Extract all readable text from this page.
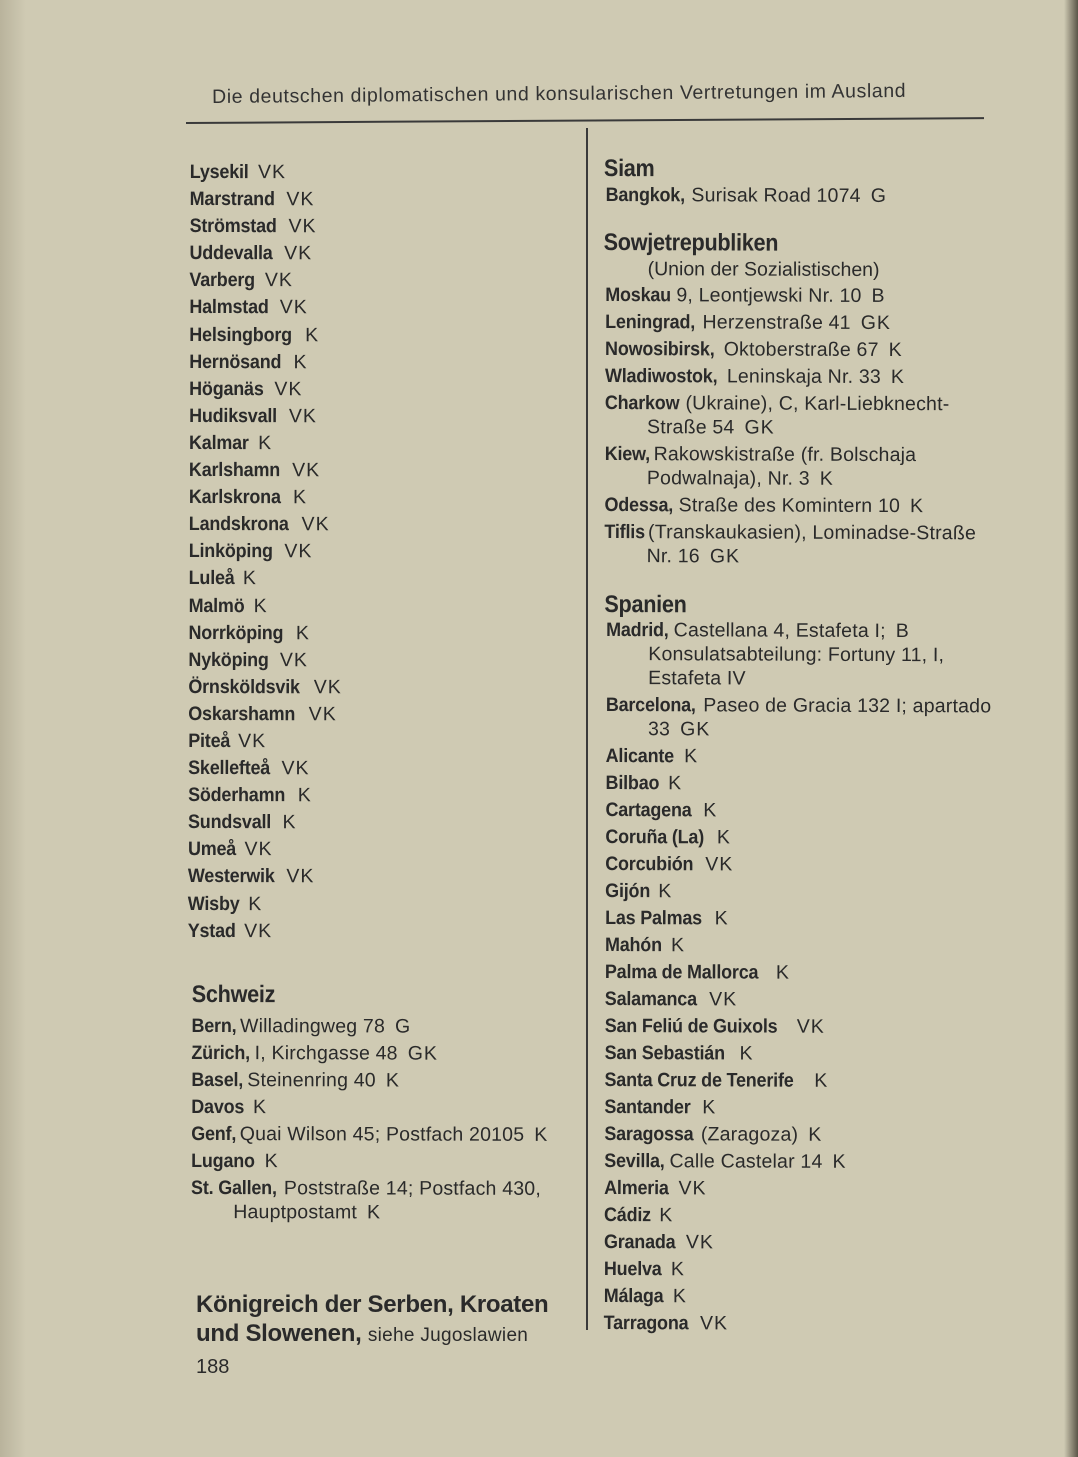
Die deutschen diplomatischen und konsularischen Vertretungen im Ausland

Lysekil VK

Marstrand VK

Strömstad VK

Uddevalla VK

Varberg VK

Halmstad VK

Helsingborg K

Hernösand K

Höganäs VK

Hudiksvall VK

Kalmar K

Karlshamn VK

Karlskrona K

Landskrona VK

Linköping VK

Luleå K

Malmö K

Norrköping K

Nyköping VK

Örnsköldsvik VK

Oskarshamn VK

Piteå VK

Skellefteå VK

Söderhamn K

Sundsvall K

Umeå VK

Westerwik VK

Wisby K

Ystad VK

Schweiz

Bern, Willadingweg 78 G

Zürich, I, Kirchgasse 48 GK

Basel, Steinenring 40 K

Davos K

Genf, Quai Wilson 45; Postfach 20105 K

Lugano K

St. Gallen, Poststraße 14; Postfach 430, Hauptpostamt K

Königreich der Serben, Kroaten
und Slowenen, siehe Jugoslawien
188
Siam

Bangkok, Surisak Road 1074 G

Sowjetrepubliken
(Union der Sozialistischen)

Moskau 9, Leontjewski Nr. 10 B

Leningrad, Herzenstraße 41 GK

Nowosibirsk, Oktoberstraße 67 K

Wladiwostok, Leninskaja Nr. 33 K

Charkow (Ukraine), C, Karl-Liebknecht-Straße 54 GK

Kiew, Rakowskistraße (fr. Bolschaja Podwalnaja), Nr. 3 K

Odessa, Straße des Komintern 10 K

Tiflis (Transkaukasien), Lominadse-Straße Nr. 16 GK

Spanien

Madrid, Castellana 4, Estafeta I; B
Konsulatsabteilung: Fortuny 11, I, Estafeta IV

Barcelona, Paseo de Gracia 132 I; apartado 33 GK

Alicante K

Bilbao K

Cartagena K

Coruña (La) K

Corcubión VK

Gijón K

Las Palmas K

Mahón K

Palma de Mallorca K

Salamanca VK

San Feliú de Guixols VK

San Sebastián K

Santa Cruz de Tenerife K

Santander K

Saragossa (Zaragoza) K

Sevilla, Calle Castelar 14 K

Almeria VK

Cádiz K

Granada VK

Huelva K

Málaga K

Tarragona VK
